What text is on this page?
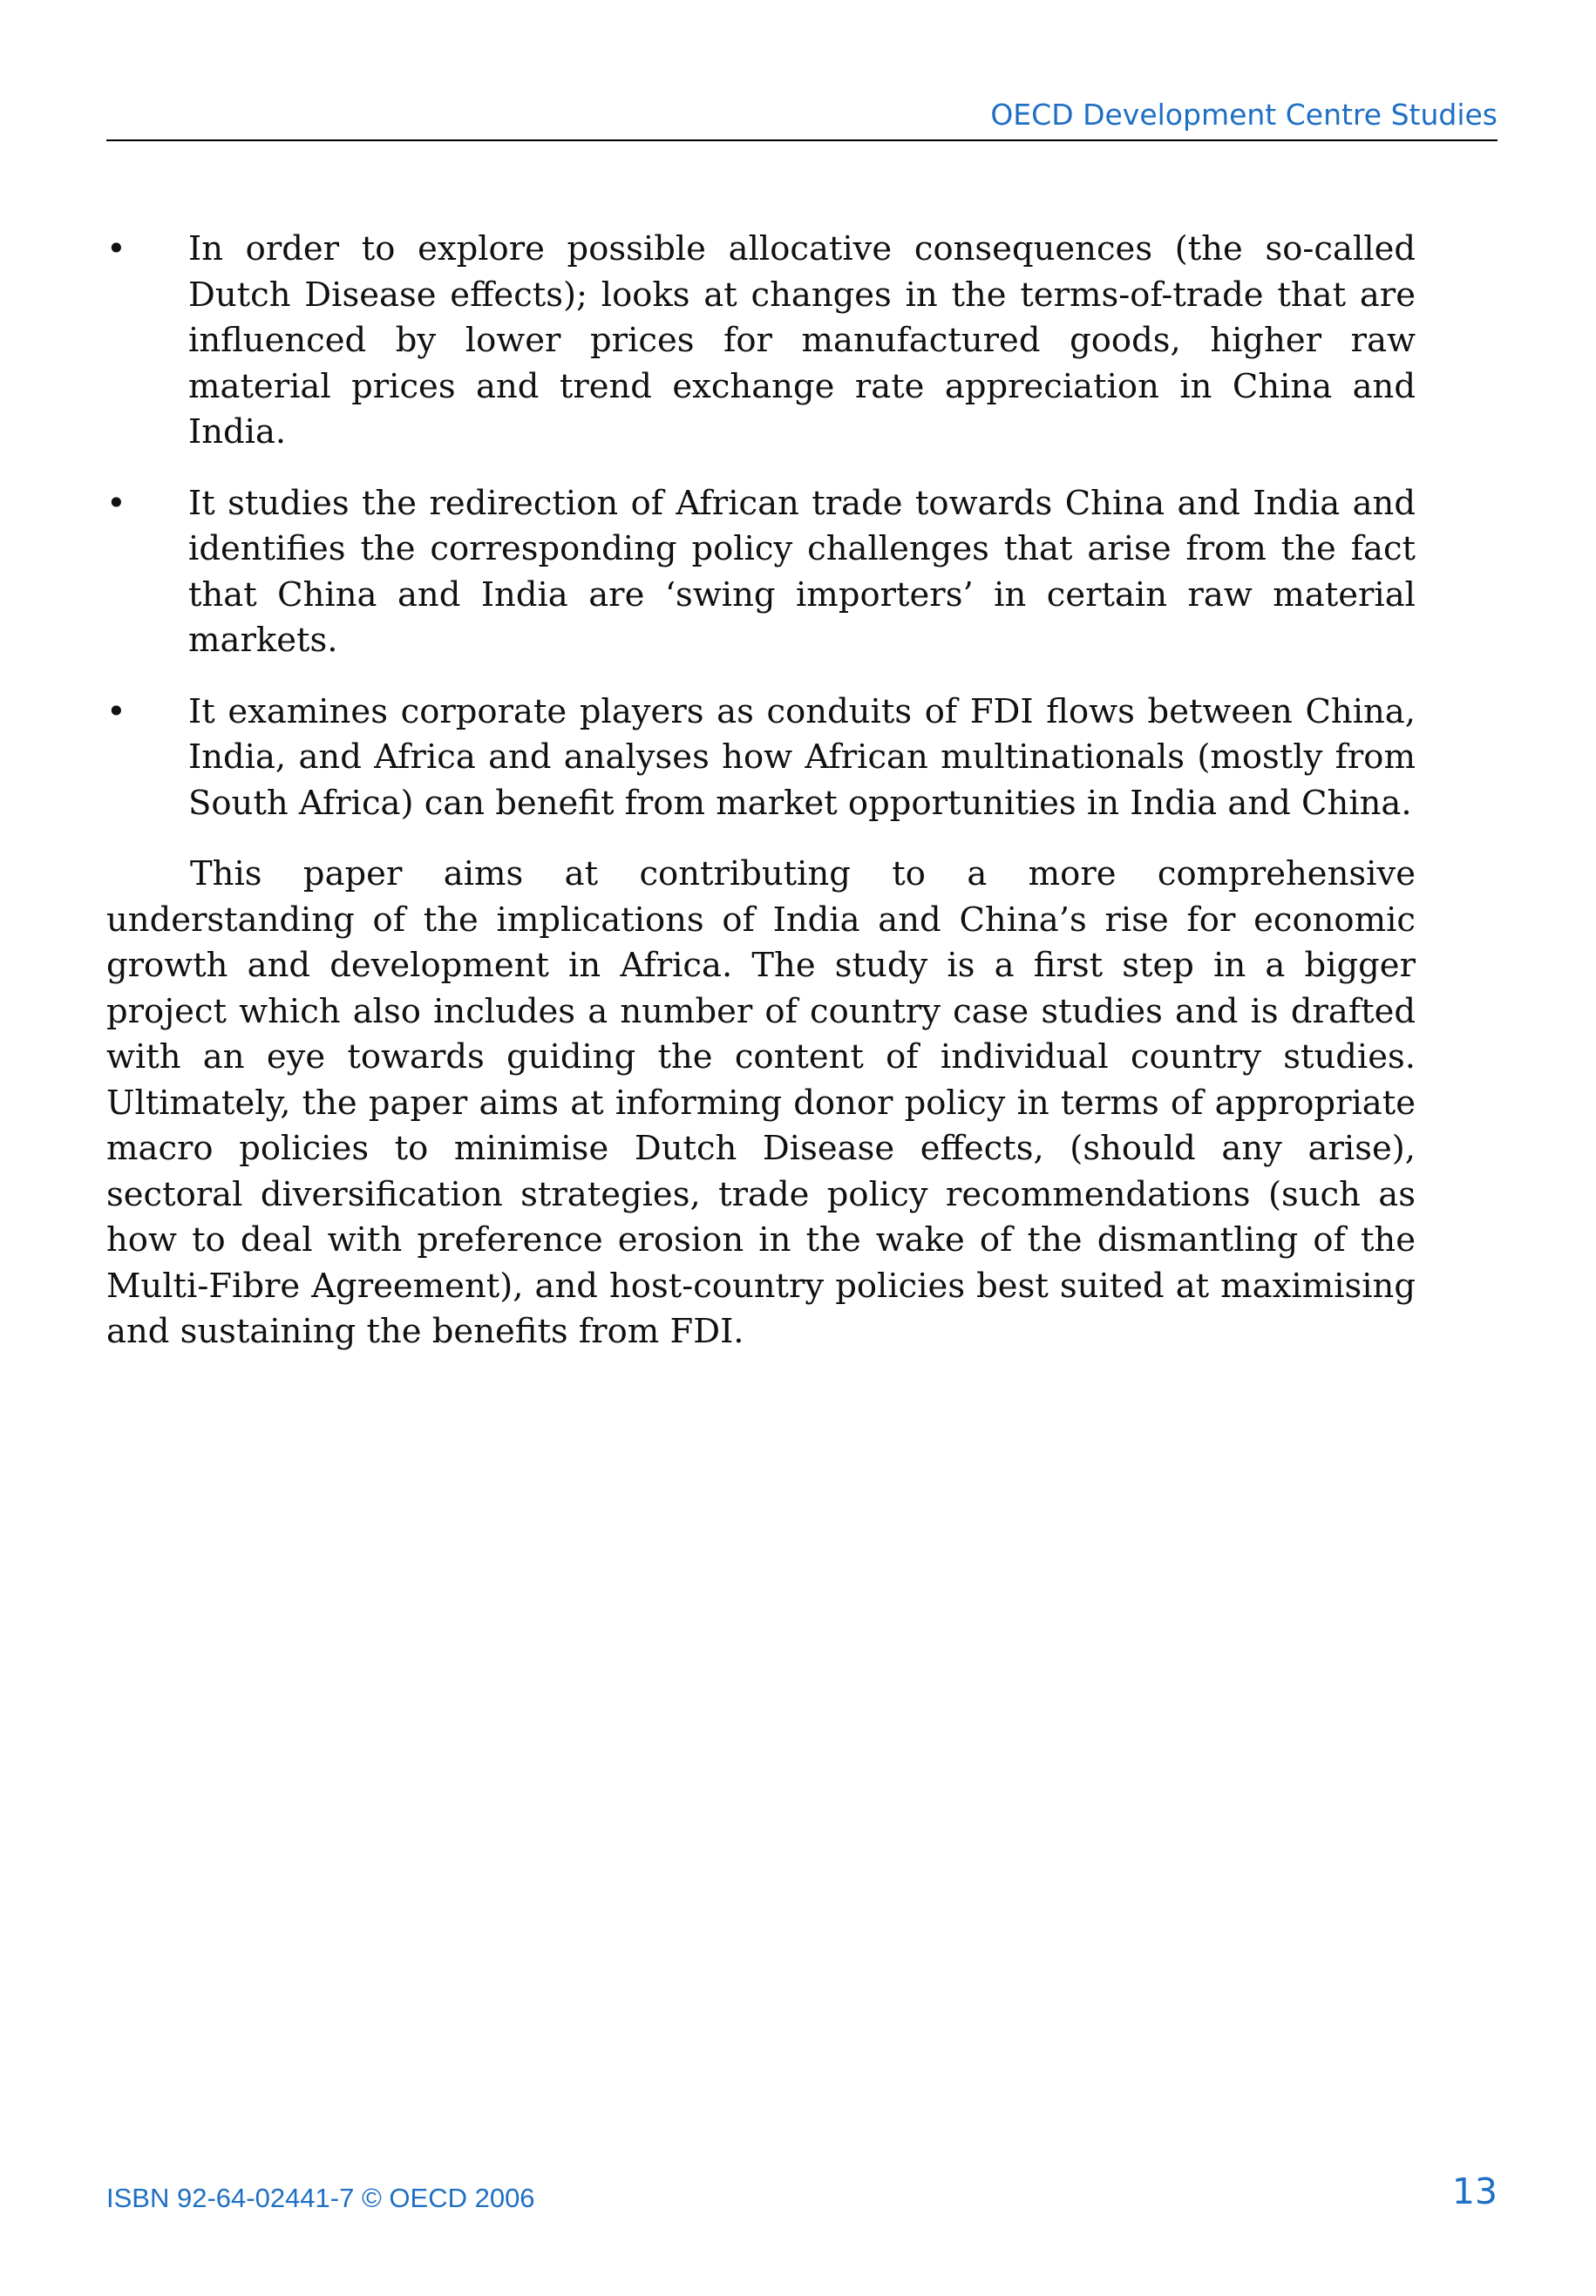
OECD Development Centre Studies
• In order to explore possible allocative consequences (the so-called Dutch Disease effects); looks at changes in the terms-of-trade that are influenced by lower prices for manufactured goods, higher raw material prices and trend exchange rate appreciation in China and India.
• It studies the redirection of African trade towards China and India and identifies the corresponding policy challenges that arise from the fact that China and India are ‘swing importers’ in certain raw material markets.
• It examines corporate players as conduits of FDI flows between China, India, and Africa and analyses how African multinationals (mostly from South Africa) can benefit from market opportunities in India and China.

This paper aims at contributing to a more comprehensive understanding of the implications of India and China’s rise for economic growth and development in Africa. The study is a first step in a bigger project which also includes a number of country case studies and is drafted with an eye towards guiding the content of individual country studies. Ultimately, the paper aims at informing donor policy in terms of appropriate macro policies to minimise Dutch Disease effects, (should any arise), sectoral diversification strategies, trade policy recommendations (such as how to deal with preference erosion in the wake of the dismantling of the Multi-Fibre Agreement), and host-country policies best suited at maximising and sustaining the benefits from FDI.

ISBN 92-64-02441-7 © OECD 2006	13
